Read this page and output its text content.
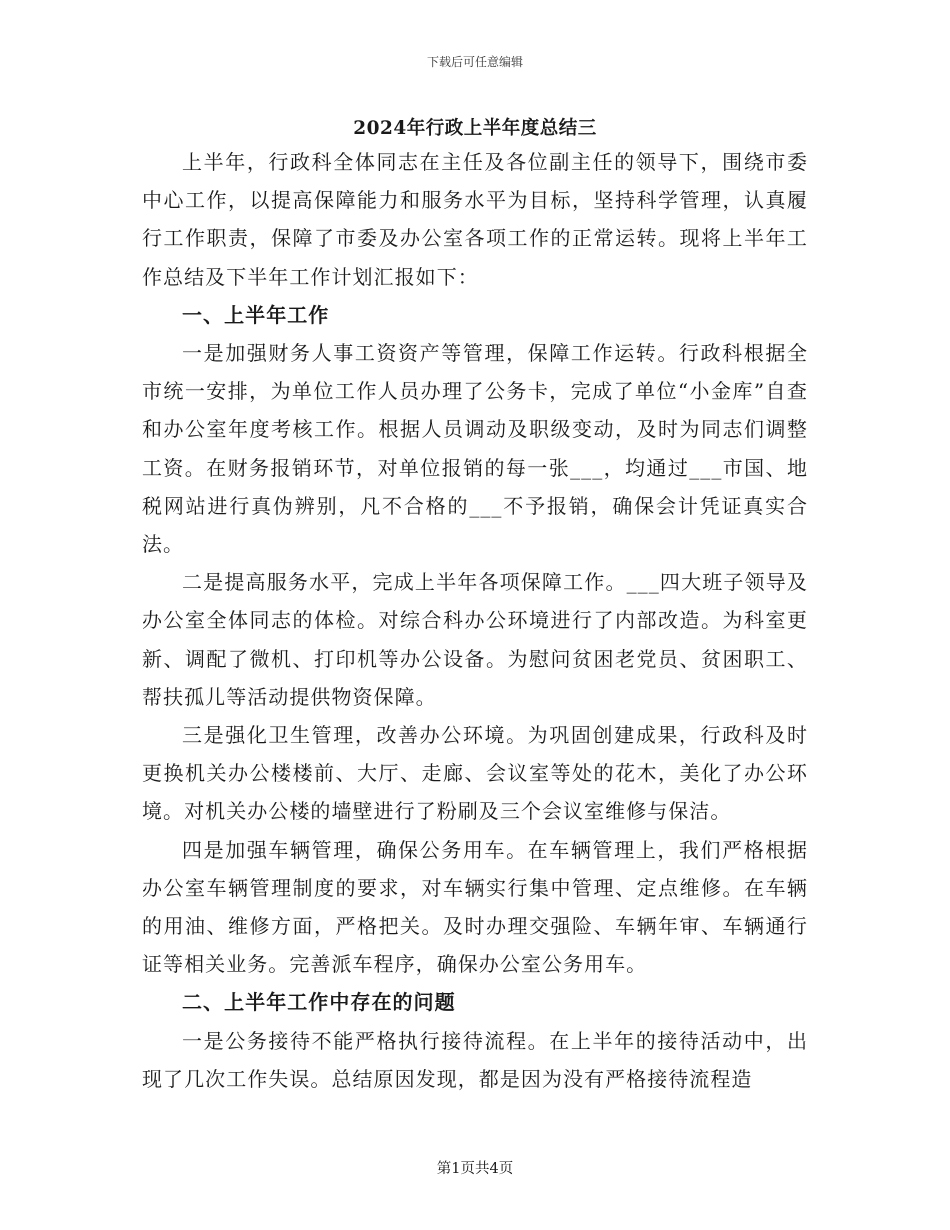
下载后可任意编辑
2024年行政上半年度总结三

上半年，行政科全体同志在主任及各位副主任的领导下，围绕市委中心工作，以提高保障能力和服务水平为目标，坚持科学管理，认真履行工作职责，保障了市委及办公室各项工作的正常运转。现将上半年工作总结及下半年工作计划汇报如下：

一、上半年工作

一是加强财务人事工资资产等管理，保障工作运转。行政科根据全市统一安排，为单位工作人员办理了公务卡，完成了单位“小金库”自查和办公室年度考核工作。根据人员调动及职级变动，及时为同志们调整工资。在财务报销环节，对单位报销的每一张___，均通过___市国、地税网站进行真伪辨别，凡不合格的___不予报销，确保会计凭证真实合法。

二是提高服务水平，完成上半年各项保障工作。___四大班子领导及办公室全体同志的体检。对综合科办公环境进行了内部改造。为科室更新、调配了微机、打印机等办公设备。为慰问贫困老党员、贫困职工、帮扶孤儿等活动提供物资保障。

三是强化卫生管理，改善办公环境。为巩固创建成果，行政科及时更换机关办公楼楼前、大厅、走廊、会议室等处的花木，美化了办公环境。对机关办公楼的墙壁进行了粉刷及三个会议室维修与保洁。

四是加强车辆管理，确保公务用车。在车辆管理上，我们严格根据办公室车辆管理制度的要求，对车辆实行集中管理、定点维修。在车辆的用油、维修方面，严格把关。及时办理交强险、车辆年审、车辆通行证等相关业务。完善派车程序，确保办公室公务用车。

二、上半年工作中存在的问题

一是公务接待不能严格执行接待流程。在上半年的接待活动中，出现了几次工作失误。总结原因发现，都是因为没有严格接待流程造

第1页共4页
